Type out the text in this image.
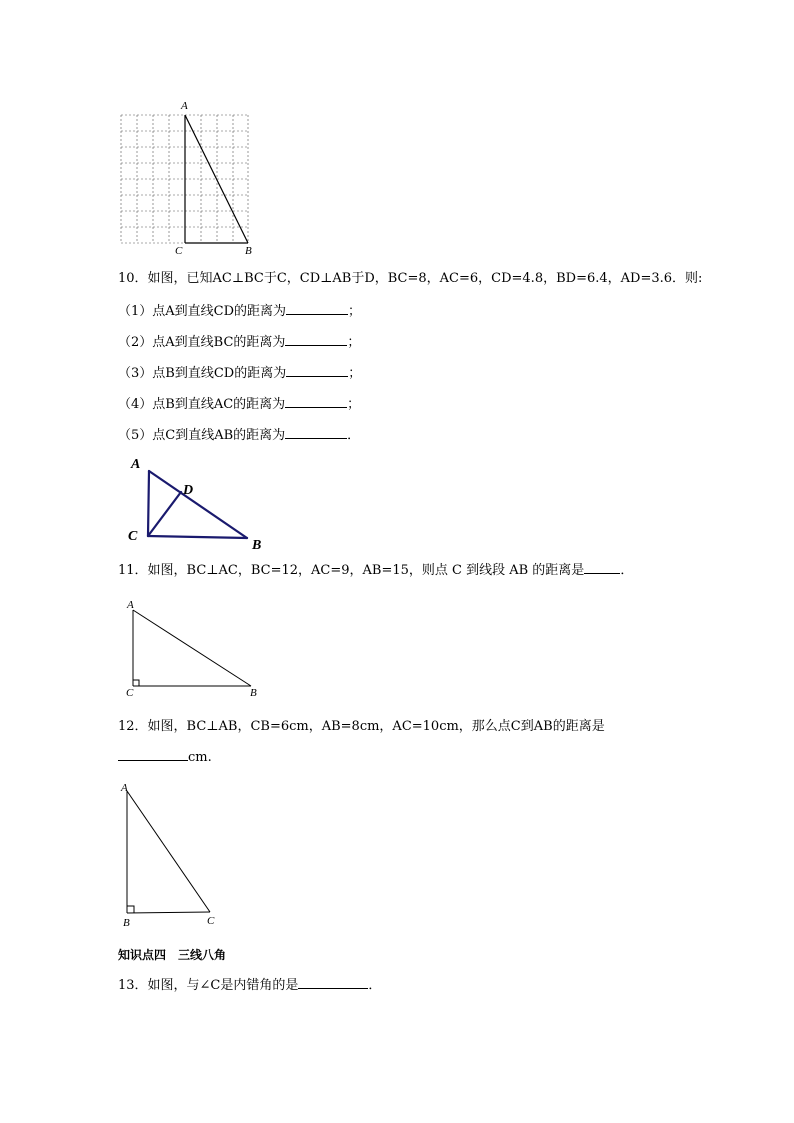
A
C	B
10．如图，已知AC⊥BC于C，CD⊥AB于D，BC=8，AC=6，CD=4.8，BD=6.4，AD=3.6．则:
（1）点A到直线CD的距离为	；
（2）点A到直线BC的距离为	；
（3）点B到直线CD的距离为	；
（4）点B到直线AC的距离为	；
（5）点C到直线AB的距离为	．
A
D
C
B
11．如图，BC⊥AC，BC=12，AC=9，AB=15，则点 C 到线段 AB 的距离是	．
A
C	B
12．如图，BC⊥AB，CB=6cm，AB=8cm，AC=10cm，那么点C到AB的距离是
cm.
A
B	C
知识点四　三线八角
13．如图，与∠C是内错角的是	．
